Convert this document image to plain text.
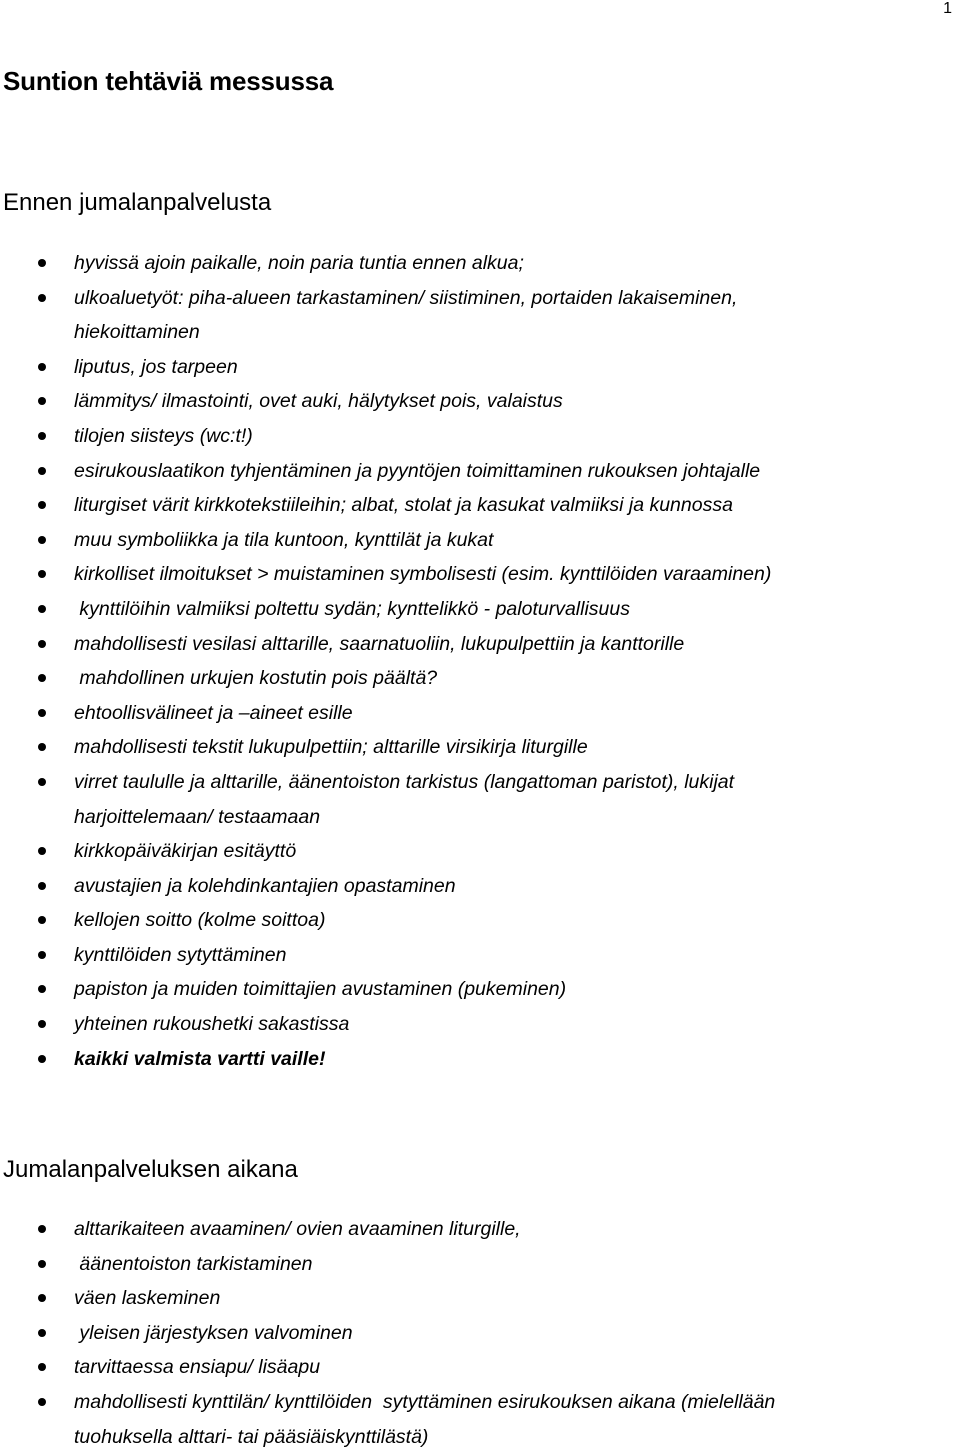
1
Suntion tehtäviä messussa
Ennen jumalanpalvelusta
hyvissä ajoin paikalle, noin paria tuntia ennen alkua;
ulkoaluetyöt: piha-alueen tarkastaminen/ siistiminen, portaiden lakaiseminen,
hiekoittaminen
liputus, jos tarpeen
lämmitys/ ilmastointi, ovet auki, hälytykset pois, valaistus
tilojen siisteys (wc:t!)
esirukouslaatikon tyhjentäminen ja pyyntöjen toimittaminen rukouksen johtajalle
liturgiset värit kirkkotekstiileihin; albat, stolat ja kasukat valmiiksi ja kunnossa
muu symboliikka ja tila kuntoon, kynttilät ja kukat
kirkolliset ilmoitukset > muistaminen symbolisesti (esim. kynttilöiden varaaminen)
kynttilöihin valmiiksi poltettu sydän; kynttelikkö - paloturvallisuus
mahdollisesti vesilasi alttarille, saarnatuoliin, lukupulpettiin ja kanttorille
mahdollinen urkujen kostutin pois päältä?
ehtoollisvälineet ja –aineet esille
mahdollisesti tekstit lukupulpettiin; alttarille virsikirja liturgille
virret taululle ja alttarille, äänentoiston tarkistus (langattoman paristot), lukijat
harjoittelemaan/ testaamaan
kirkkopäiväkirjan esitäyttö
avustajien ja kolehdinkantajien opastaminen
kellojen soitto (kolme soittoa)
kynttilöiden sytyttäminen
papiston ja muiden toimittajien avustaminen (pukeminen)
yhteinen rukoushetki sakastissa
kaikki valmista vartti vaille!
Jumalanpalveluksen aikana
alttarikaiteen avaaminen/ ovien avaaminen liturgille,
äänentoiston tarkistaminen
väen laskeminen
yleisen järjestyksen valvominen
tarvittaessa ensiapu/ lisäapu
mahdollisesti kynttilän/ kynttilöiden  sytyttäminen esirukouksen aikana (mielellään
tuohuksella alttari- tai pääsiäiskynttilästä)
